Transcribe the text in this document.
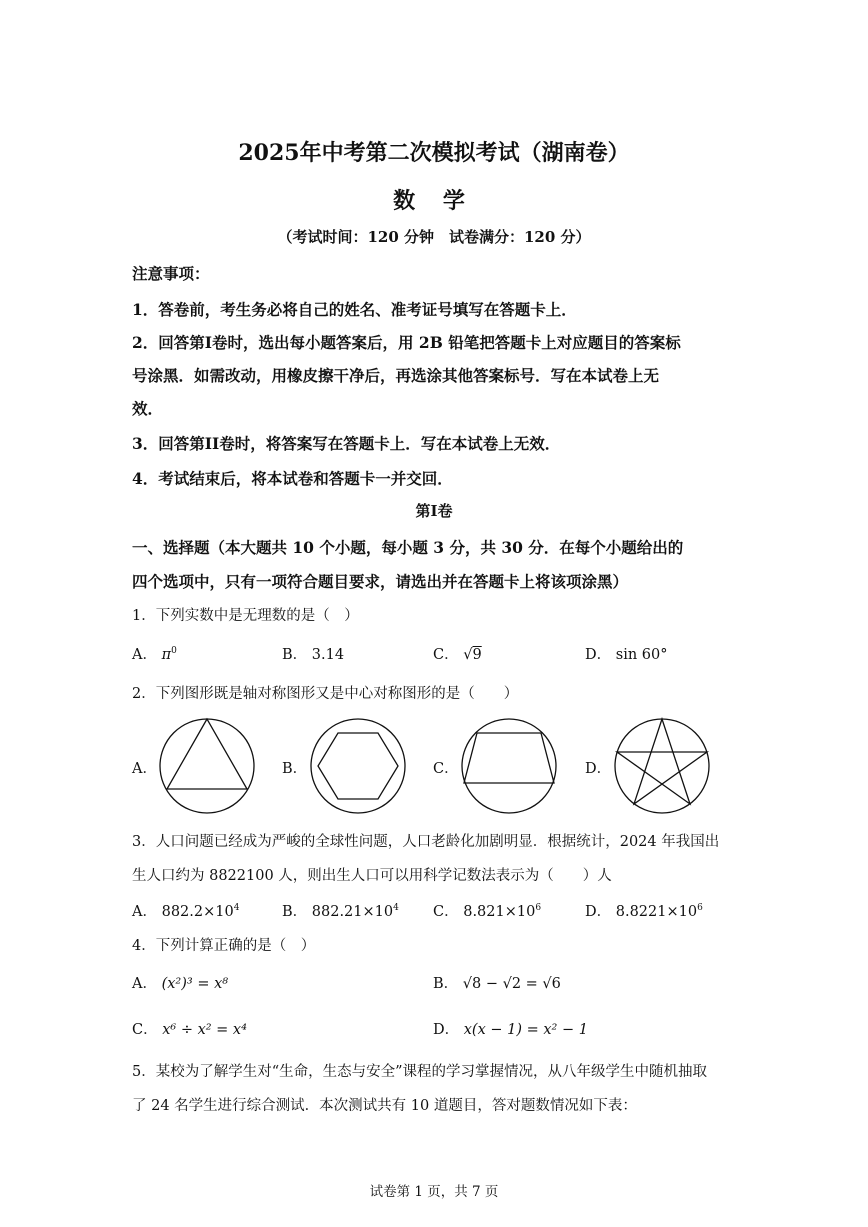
2025年中考第二次模拟考试（湖南卷）
数 学
（考试时间：120 分钟　试卷满分：120 分）
注意事项：
1．答卷前，考生务必将自己的姓名、准考证号填写在答题卡上．
2．回答第I卷时，选出每小题答案后，用 2B 铅笔把答题卡上对应题目的答案标
号涂黑．如需改动，用橡皮擦干净后，再选涂其他答案标号．写在本试卷上无
效．
3．回答第II卷时，将答案写在答题卡上．写在本试卷上无效．
4．考试结束后，将本试卷和答题卡一并交回．
第I卷
一、选择题（本大题共 10 个小题，每小题 3 分，共 30 分．在每个小题给出的
四个选项中，只有一项符合题目要求，请选出并在答题卡上将该项涂黑）
1．下列实数中是无理数的是（　）
A． $\pi^0$	B． 3.14	C． √9	D． sin 60°
2．下列图形既是轴对称图形又是中心对称图形的是（　　）
A．	B．	C．	D．
3．人口问题已经成为严峻的全球性问题，人口老龄化加剧明显．根据统计，2024 年我国出
生人口约为 8822100 人，则出生人口可以用科学记数法表示为（　　）人
A． $882.2\times 10^4$	B． $882.21\times 10^4$ C． $8.821\times 10^6$	D． $8.8221\times 10^6$
4．下列计算正确的是（　）
A． (x²)³ = x⁸	B． √8 − √2 = √6
C． x⁶ ÷ x² = x⁴	D． x(x − 1) = x² − 1
5．某校为了解学生对“生命，生态与安全”课程的学习掌握情况，从八年级学生中随机抽取
了 24 名学生进行综合测试．本次测试共有 10 道题目，答对题数情况如下表：
试卷第 1 页，共 7 页
